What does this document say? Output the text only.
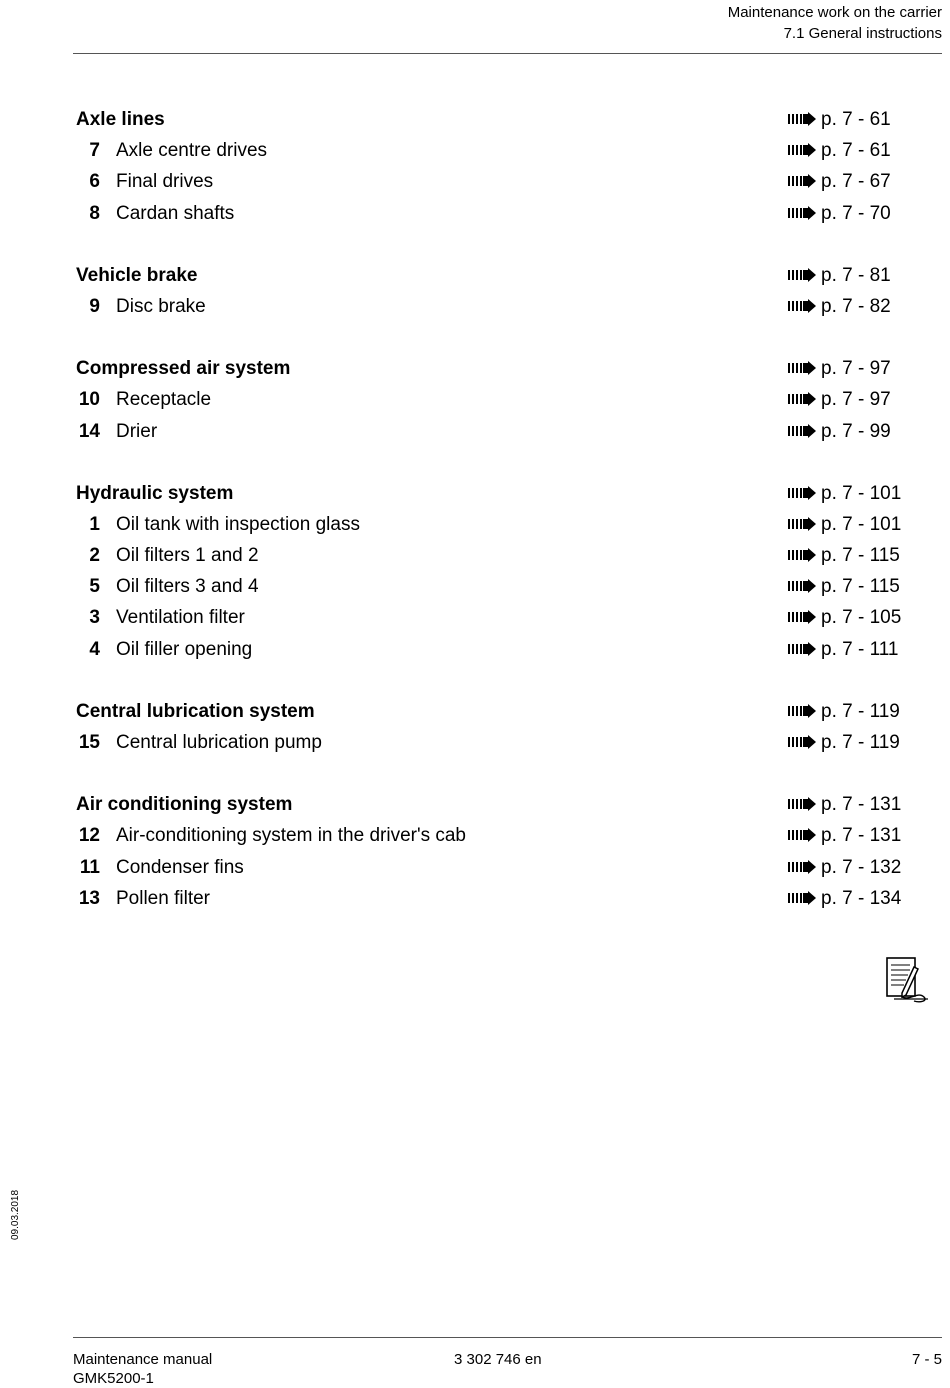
Maintenance work on the carrier
7.1 General instructions
Axle lines	p. 7 - 61
7 Axle centre drives	p. 7 - 61
6 Final drives	p. 7 - 67
8 Cardan shafts	p. 7 - 70
Vehicle brake	p. 7 - 81
9 Disc brake	p. 7 - 82
Compressed air system	p. 7 - 97
10 Receptacle	p. 7 - 97
14 Drier	p. 7 - 99
Hydraulic system	p. 7 - 101
1 Oil tank with inspection glass	p. 7 - 101
2 Oil filters 1 and 2	p. 7 - 115
5 Oil filters 3 and 4	p. 7 - 115
3 Ventilation filter	p. 7 - 105
4 Oil filler opening	p. 7 - 111
Central lubrication system	p. 7 - 119
15 Central lubrication pump	p. 7 - 119
Air conditioning system	p. 7 - 131
12 Air-conditioning system in the driver's cab	p. 7 - 131
11 Condenser fins	p. 7 - 132
13 Pollen filter	p. 7 - 134
09.03.2018
Maintenance manual
GMK5200-1
3 302 746 en	7 - 5
